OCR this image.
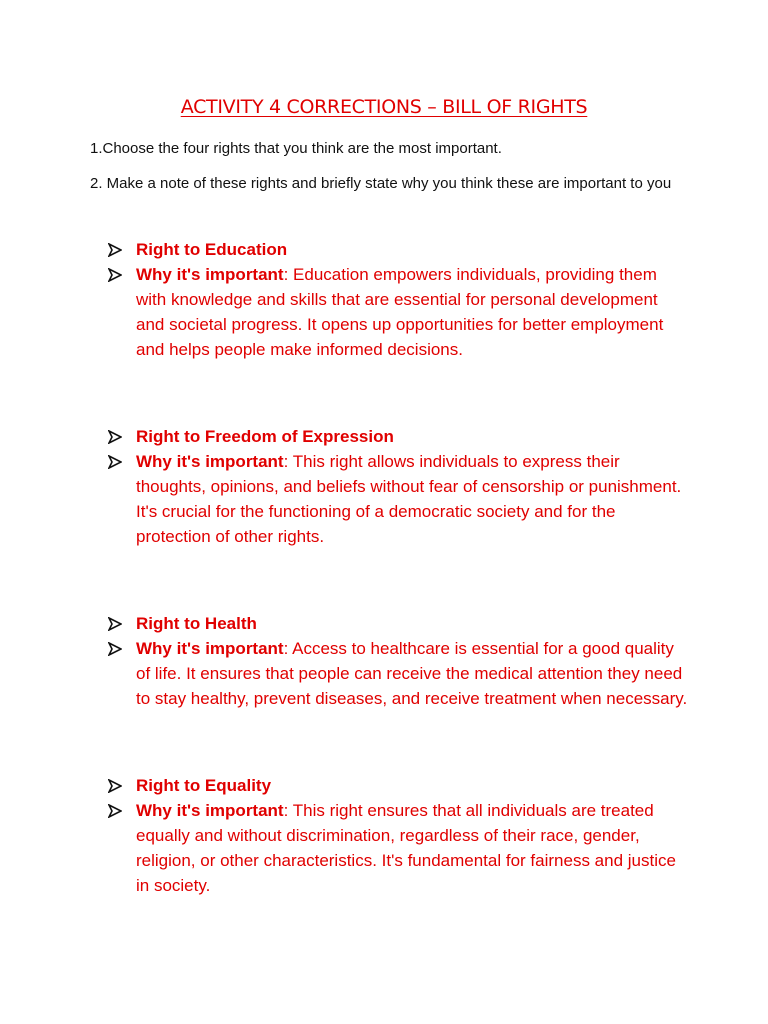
ACTIVITY 4 CORRECTIONS – BILL OF RIGHTS

1.Choose the four rights that you think are the most important.

2. Make a note of these rights and briefly state why you think these are important to you

Right to Education
Why it's important: Education empowers individuals, providing them with knowledge and skills that are essential for personal development and societal progress. It opens up opportunities for better employment and helps people make informed decisions.
Right to Freedom of Expression
Why it's important: This right allows individuals to express their thoughts, opinions, and beliefs without fear of censorship or punishment. It's crucial for the functioning of a democratic society and for the protection of other rights.
Right to Health
Why it's important: Access to healthcare is essential for a good quality of life. It ensures that people can receive the medical attention they need to stay healthy, prevent diseases, and receive treatment when necessary.
Right to Equality
Why it's important: This right ensures that all individuals are treated equally and without discrimination, regardless of their race, gender, religion, or other characteristics. It's fundamental for fairness and justice in society.
